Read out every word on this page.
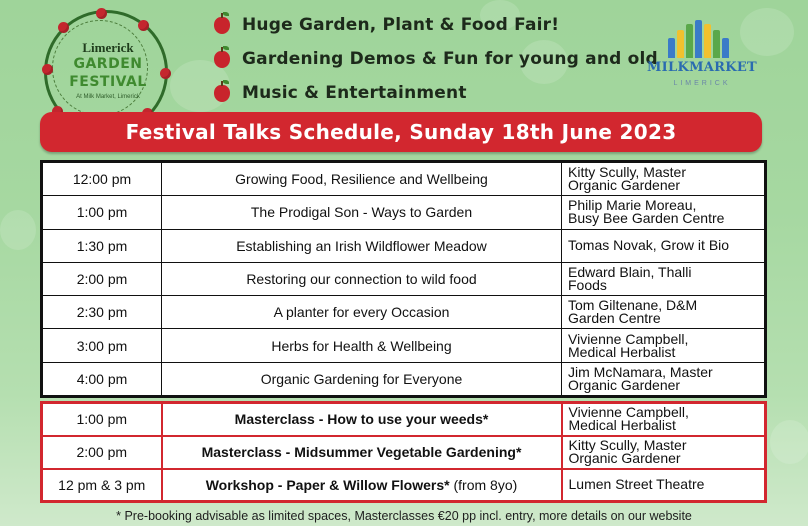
Limerick
GARDEN
FESTIVAL
At Milk Market, Limerick
Huge Garden, Plant & Food Fair!
Gardening Demos & Fun for young and old
Music & Entertainment
MILKMARKET
LIMERICK
Festival Talks Schedule, Sunday 18th June 2023
12:00 pm	Growing Food, Resilience and Wellbeing	Kitty Scully, Master
Organic Gardener
1:00 pm	The Prodigal Son - Ways to Garden	Philip Marie Moreau,
Busy Bee Garden Centre
1:30 pm	Establishing an Irish Wildflower Meadow	Tomas Novak, Grow it Bio
2:00 pm	Restoring our connection to wild food	Edward Blain, Thalli
Foods
2:30 pm	A planter for every Occasion	Tom Giltenane, D&M
Garden Centre
3:00 pm	Herbs for Health & Wellbeing	Vivienne Campbell,
Medical Herbalist
4:00 pm	Organic Gardening for Everyone	Jim McNamara, Master
Organic Gardener
1:00 pm	Masterclass - How to use your weeds*	Vivienne Campbell,
Medical Herbalist
2:00 pm	Masterclass - Midsummer Vegetable Gardening*	Kitty Scully, Master
Organic Gardener
12 pm & 3 pm	Workshop - Paper & Willow Flowers* (from 8yo)	Lumen Street Theatre
* Pre-booking advisable as limited spaces, Masterclasses €20 pp incl. entry, more details on our website
